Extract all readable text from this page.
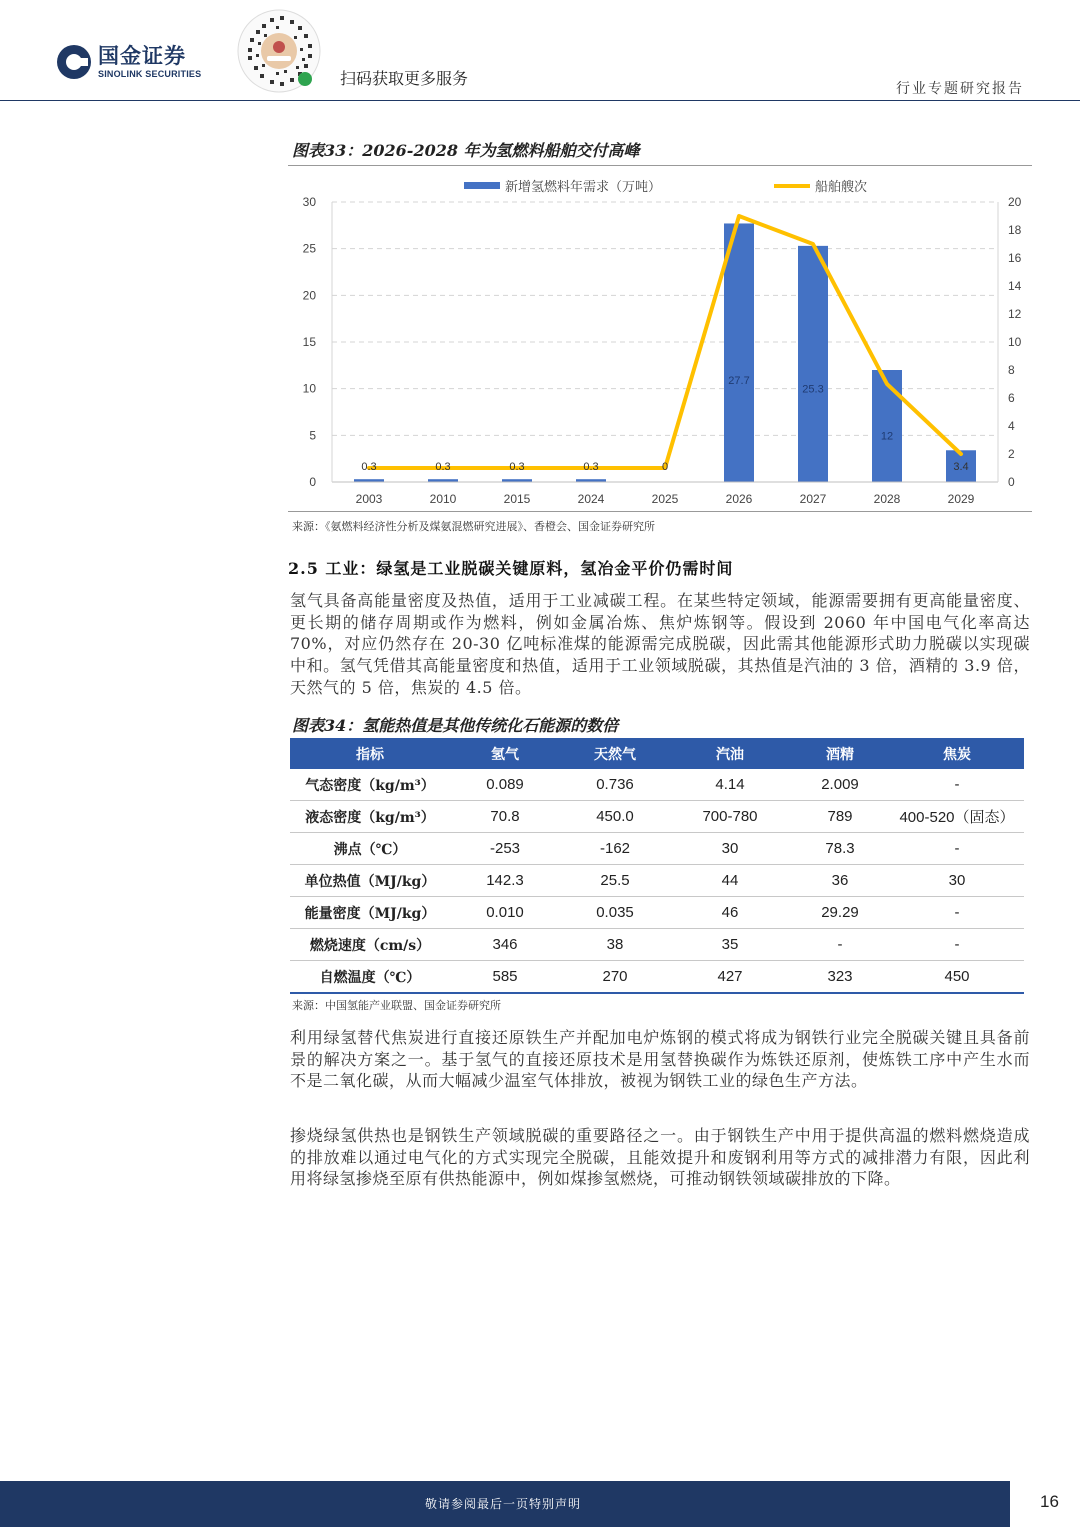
国金证券
SINOLINK SECURITIES	扫码获取更多服务
行业专题研究报告
图表33：2026-2028 年为氢燃料船舶交付高峰
0.3	0.3	0.3	0.3	0
27.7
25.3
12
3.4
0
5
10
15
20
25
30
0
2
4
6
8
10
12
14
16
18
20
2003	2010	2015	2024	2025	2026	2027	2028	2029
新增氢燃料年需求（万吨）	船舶艘次
来源：《氨燃料经济性分析及煤氨混燃研究进展》、香橙会、国金证券研究所
2.5 工业：绿氢是工业脱碳关键原料，氢冶金平价仍需时间
氢气具备高能量密度及热值，适用于工业减碳工程。在某些特定领域，能源需要拥有更高能量密度、更长期的储存周期或作为燃料，例如金属冶炼、焦炉炼钢等。假设到 2060 年中国电气化率高达 70%，对应仍然存在 20-30 亿吨标准煤的能源需完成脱碳，因此需其他能源形式助力脱碳以实现碳中和。氢气凭借其高能量密度和热值，适用于工业领域脱碳，其热值是汽油的 3 倍，酒精的 3.9 倍，天然气的 5 倍，焦炭的 4.5 倍。
图表34：氢能热值是其他传统化石能源的数倍
指标	氢气	天然气	汽油	酒精	焦炭
气态密度（kg/m³）	0.089	0.736	4.14	2.009	-
液态密度（kg/m³）	70.8	450.0	700-780	789	400-520（固态）
沸点（℃）	-253	-162	30	78.3	-
单位热值（MJ/kg）	142.3	25.5	44	36	30
能量密度（MJ/kg）	0.010	0.035	46	29.29	-
燃烧速度（cm/s）	346	38	35	-	-
自燃温度（℃）	585	270	427	323	450
来源：中国氢能产业联盟、国金证券研究所
利用绿氢替代焦炭进行直接还原铁生产并配加电炉炼钢的模式将成为钢铁行业完全脱碳关键且具备前景的解决方案之一。基于氢气的直接还原技术是用氢替换碳作为炼铁还原剂，使炼铁工序中产生水而不是二氧化碳，从而大幅减少温室气体排放，被视为钢铁工业的绿色生产方法。
掺烧绿氢供热也是钢铁生产领域脱碳的重要路径之一。由于钢铁生产中用于提供高温的燃料燃烧造成的排放难以通过电气化的方式实现完全脱碳，且能效提升和废钢利用等方式的减排潜力有限，因此利用将绿氢掺烧至原有供热能源中，例如煤掺氢燃烧，可推动钢铁领域碳排放的下降。
敬请参阅最后一页特别声明	16
